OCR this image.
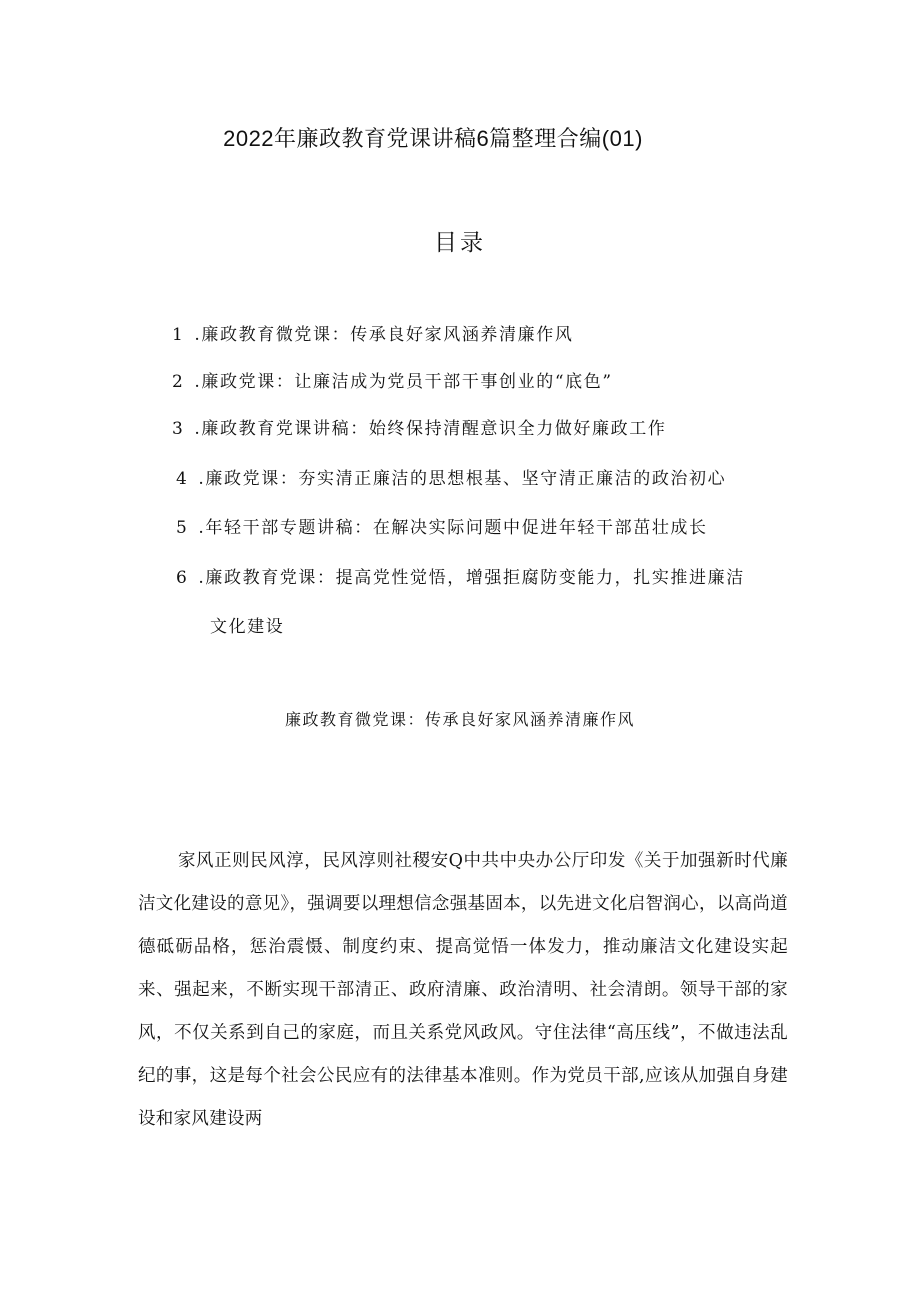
2022年廉政教育党课讲稿6篇整理合编(01)
目录
1 .廉政教育微党课：传承良好家风涵养清廉作风
2 .廉政党课：让廉洁成为党员干部干事创业的“底色”
3 .廉政教育党课讲稿：始终保持清醒意识全力做好廉政工作
4 .廉政党课：夯实清正廉洁的思想根基、坚守清正廉洁的政治初心
5 .年轻干部专题讲稿：在解决实际问题中促进年轻干部茁壮成长
6 .廉政教育党课：提高党性觉悟，增强拒腐防变能力，扎实推进廉洁
文化建设
廉政教育微党课：传承良好家风涵养清廉作风

家风正则民风淳，民风淳则社稷安Q中共中央办公厅印发《关于加强新时代廉洁文化建设的意见》，强调要以理想信念强基固本，以先进文化启智润心，以高尚道德砥砺品格，惩治震慑、制度约束、提高觉悟一体发力，推动廉洁文化建设实起来、强起来，不断实现干部清正、政府清廉、政治清明、社会清朗。领导干部的家风，不仅关系到自己的家庭，而且关系党风政风。守住法律“高压线”，不做违法乱纪的事，这是每个社会公民应有的法律基本准则。作为党员干部,应该从加强自身建设和家风建设两
